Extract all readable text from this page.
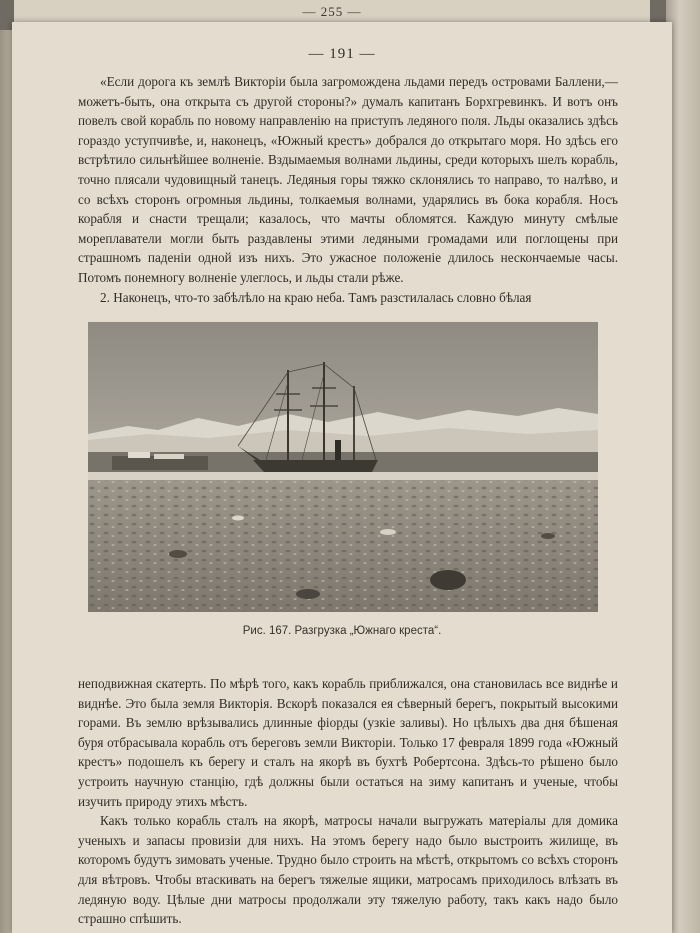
— 255 —
— 191 —

«Если дорога къ землѣ Викторіи была загромождена льдами передъ островами Баллени,—можетъ-быть, она открыта съ другой стороны?» думалъ капитанъ Борхгревинкъ. И вотъ онъ повелъ свой корабль по новому направленію на приступъ ледяного поля. Льды оказались здѣсь гораздо уступчивѣе, и, наконецъ, «Южный крестъ» добрался до открытаго моря. Но здѣсь его встрѣтило сильнѣйшее волненіе. Вздымаемыя волнами льдины, среди которыхъ шелъ корабль, точно плясали чудовищный танецъ. Ледяныя горы тяжко склонялись то направо, то налѣво, и со всѣхъ сторонъ огромныя льдины, толкаемыя волнами, ударялись въ бока корабля. Носъ корабля и снасти трещали; казалось, что мачты обломятся. Каждую минуту смѣлые мореплаватели могли быть раздавлены этими ледяными громадами или поглощены при страшномъ паденіи одной изъ нихъ. Это ужасное положеніе длилось нескончаемые часы. Потомъ понемногу волненіе улеглось, и льды стали рѣже.

2. Наконецъ, что-то забѣлѣло на краю неба. Тамъ разстилалась словно бѣлая

Рис. 167. Разгрузка „Южнаго креста“.

неподвижная скатерть. По мѣрѣ того, какъ корабль приближался, она становилась все виднѣе и виднѣе. Это была земля Викторія. Вскорѣ показался ея сѣверный берегъ, покрытый высокими горами. Въ землю врѣзывались длинные фіорды (узкіе заливы). Но цѣлыхъ два дня бѣшеная буря отбрасывала корабль отъ береговъ земли Викторіи. Только 17 февраля 1899 года «Южный крестъ» подошелъ къ берегу и сталъ на якорѣ въ бухтѣ Робертсона. Здѣсь-то рѣшено было устроить научную станцію, гдѣ должны были остаться на зиму капитанъ и ученые, чтобы изучить природу этихъ мѣстъ.

Какъ только корабль сталъ на якорѣ, матросы начали выгружать матеріалы для домика ученыхъ и запасы провизіи для нихъ. На этомъ берегу надо было выстроить жилище, въ которомъ будутъ зимовать ученые. Трудно было строить на мѣстѣ, открытомъ со всѣхъ сторонъ для вѣтровъ. Чтобы втаскивать на берегъ тяжелые ящики, матросамъ приходилось влѣзать въ ледяную воду. Цѣлые дни матросы продолжали эту тяжелую работу, такъ какъ надо было страшно спѣшить.
